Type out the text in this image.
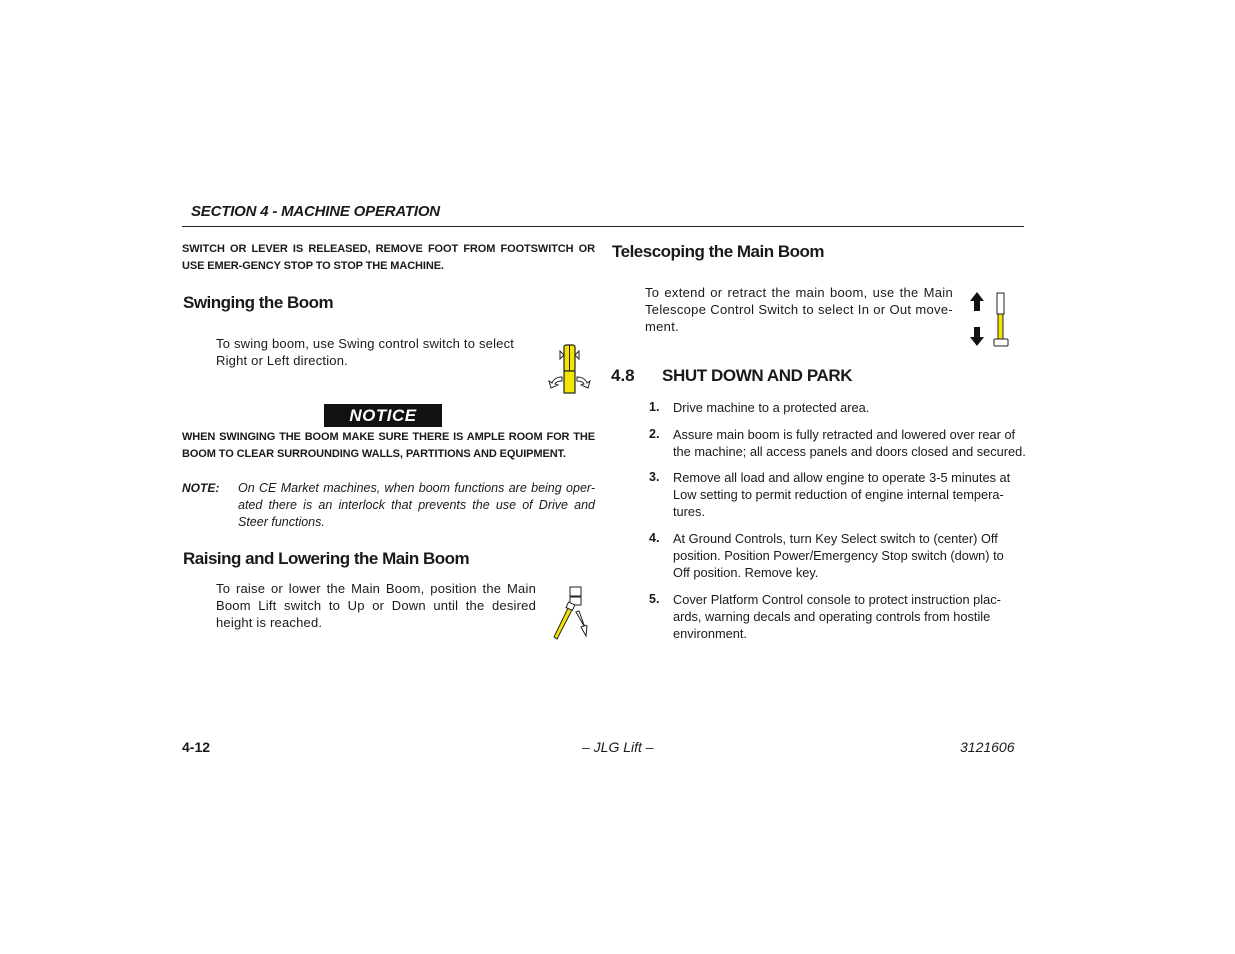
SECTION 4 - MACHINE OPERATION
SWITCH OR LEVER IS RELEASED, REMOVE FOOT FROM FOOTSWITCH OR USE EMER-GENCY STOP TO STOP THE MACHINE.
Swinging the Boom
To swing boom, use Swing control switch to select Right or Left direction.
NOTICE
WHEN SWINGING THE BOOM MAKE SURE THERE IS AMPLE ROOM FOR THE BOOM TO CLEAR SURROUNDING WALLS, PARTITIONS AND EQUIPMENT.
NOTE: On CE Market machines, when boom functions are being oper-ated there is an interlock that prevents the use of Drive and Steer functions.
Raising and Lowering the Main Boom
To raise or lower the Main Boom, position the Main Boom Lift switch to Up or Down until the desired height is reached.
Telescoping the Main Boom
To extend or retract the main boom, use the Main Telescope Control Switch to select In or Out move-ment.
4.8 SHUT DOWN AND PARK
1. Drive machine to a protected area.
2. Assure main boom is fully retracted and lowered over rear of the machine; all access panels and doors closed and secured.
3. Remove all load and allow engine to operate 3-5 minutes at Low setting to permit reduction of engine internal tempera-tures.
4. At Ground Controls, turn Key Select switch to (center) Off position. Position Power/Emergency Stop switch (down) to Off position. Remove key.
5. Cover Platform Control console to protect instruction plac-ards, warning decals and operating controls from hostile environment.
4-12	– JLG Lift –	3121606
